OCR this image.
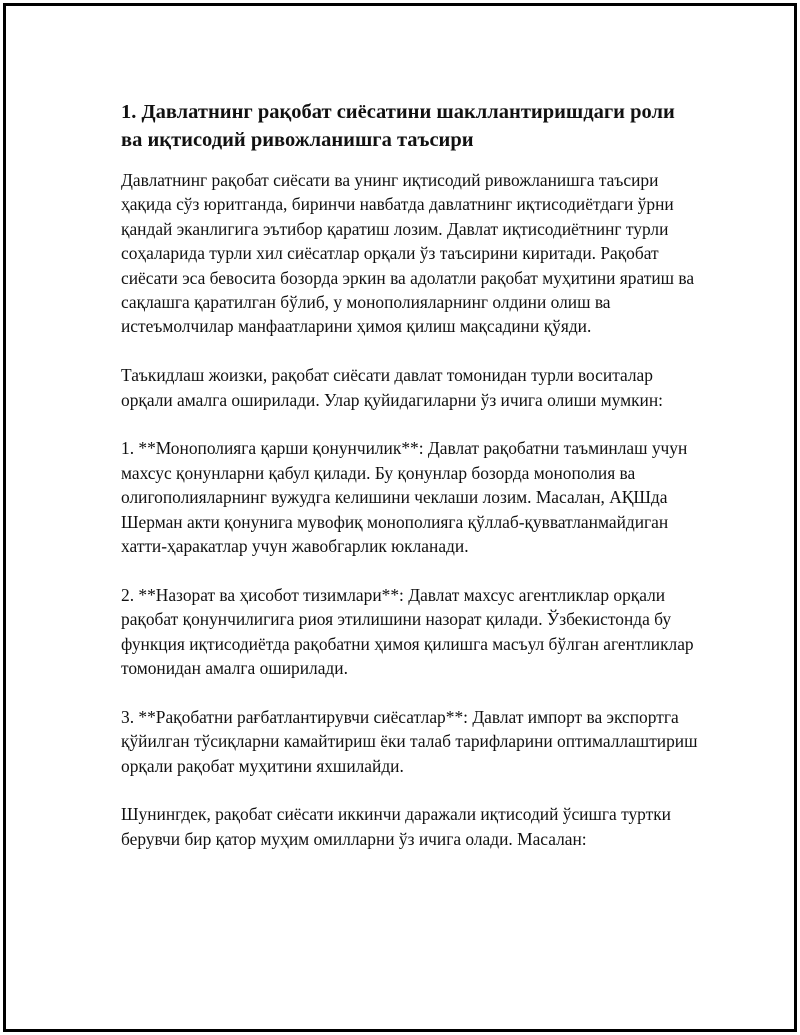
1. Давлатнинг рақобат сиёсатини шакллантиришдаги роли ва иқтисодий ривожланишга таъсири

Давлатнинг рақобат сиёсати ва унинг иқтисодий ривожланишга таъсири ҳақида сўз юритганда, биринчи навбатда давлатнинг иқтисодиётдаги ўрни қандай эканлигига эътибор қаратиш лозим. Давлат иқтисодиётнинг турли соҳаларида турли хил сиёсатлар орқали ўз таъсирини киритади. Рақобат сиёсати эса бевосита бозорда эркин ва адолатли рақобат муҳитини яратиш ва сақлашга қаратилган бўлиб, у монополияларнинг олдини олиш ва истеъмолчилар манфаатларини ҳимоя қилиш мақсадини қўяди.

Таъкидлаш жоизки, рақобат сиёсати давлат томонидан турли воситалар орқали амалга оширилади. Улар қуйидагиларни ўз ичига олиши мумкин:

1. **Монополияга қарши қонунчилик**: Давлат рақобатни таъминлаш учун махсус қонунларни қабул қилади. Бу қонунлар бозорда монополия ва олигополияларнинг вужудга келишини чеклаши лозим. Масалан, АҚШда Шерман акти қонунига мувофиқ монополияга қўллаб-қувватланмайдиган хатти-ҳаракатлар учун жавобгарлик юкланади.

2. **Назорат ва ҳисобот тизимлари**: Давлат махсус агентликлар орқали рақобат қонунчилигига риоя этилишини назорат қилади. Ўзбекистонда бу функция иқтисодиётда рақобатни ҳимоя қилишга масъул бўлган агентликлар томонидан амалга оширилади.

3. **Рақобатни рағбатлантирувчи сиёсатлар**: Давлат импорт ва экспортга қўйилган тўсиқларни камайтириш ёки талаб тарифларини оптималлаштириш орқали рақобат муҳитини яхшилайди.

Шунингдек, рақобат сиёсати иккинчи даражали иқтисодий ўсишга туртки берувчи бир қатор муҳим омилларни ўз ичига олади. Масалан:
